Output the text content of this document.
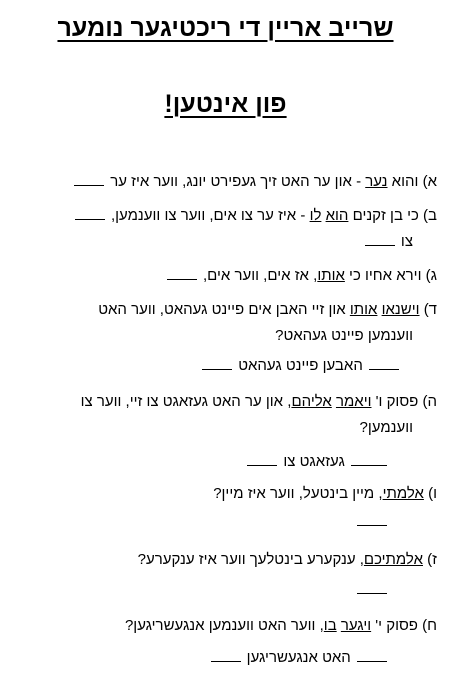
שרייב אריין די ריכטיגער נומער
פון אינטען!
א) והוא נער - און ער האט זיך געפירט יונג, ווער איז ער
ב) כי בן זקנים הוא לו - איז ער צו אים, ווער צו ווענמען,
צו
ג) וירא אחיו כי אותו, אז אים, ווער אים,
ד) וישנאו אותו און זיי האבן אים פיינט געהאט, ווער האט
ווענמען פיינט געהאט?
האבען פיינט געהאט
ה) פסוק ו' ויאמר אליהם, און ער האט געזאגט צו זיי, ווער צו
ווענמען?
געזאגט צו
ו) אלמתי, מיין בינטעל, ווער איז מיין?
ז) אלמתיכם, ענקערע בינטלעך ווער איז ענקערע?
ח) פסוק י' ויגער בו, ווער האט ווענמען אנגעשריגען?
האט אנגעשריגען
